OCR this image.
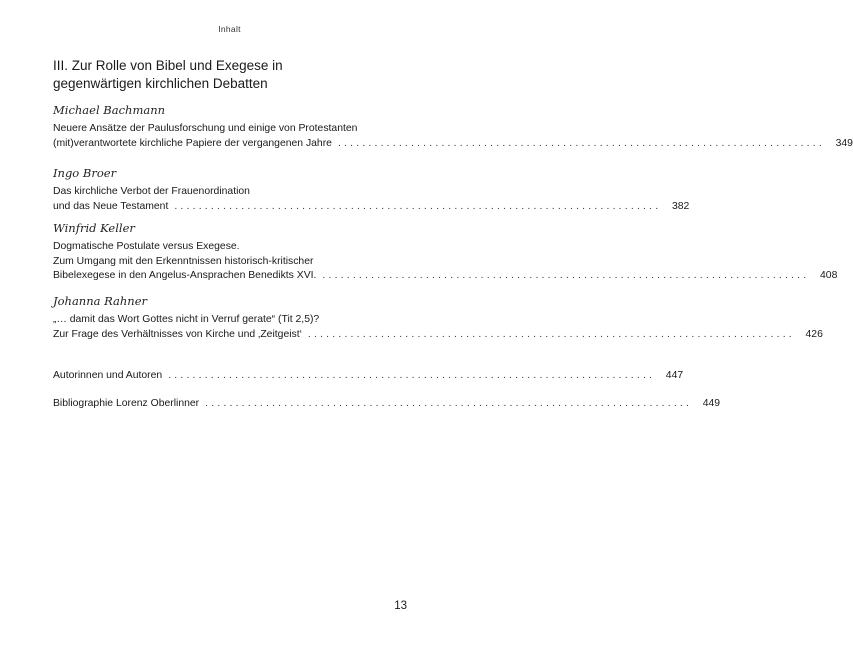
Inhalt
III. Zur Rolle von Bibel und Exegese in
gegenwärtigen kirchlichen Debatten
Michael Bachmann
Neuere Ansätze der Paulusforschung und einige von Protestanten
(mit)verantwortete kirchliche Papiere der vergangenen Jahre ................................................................................	349
Ingo Broer
Das kirchliche Verbot der Frauenordination
und das Neue Testament ................................................................................	382
Winfrid Keller
Dogmatische Postulate versus Exegese.
Zum Umgang mit den Erkenntnissen historisch-kritischer
Bibelexegese in den Angelus-Ansprachen Benedikts XVI. ................................................................................	408
Johanna Rahner
„… damit das Wort Gottes nicht in Verruf gerate“ (Tit 2,5)?
Zur Frage des Verhältnisses von Kirche und ‚Zeitgeist‘ ................................................................................	426
Autorinnen und Autoren ................................................................................	447
Bibliographie Lorenz Oberlinner ................................................................................	449
13
